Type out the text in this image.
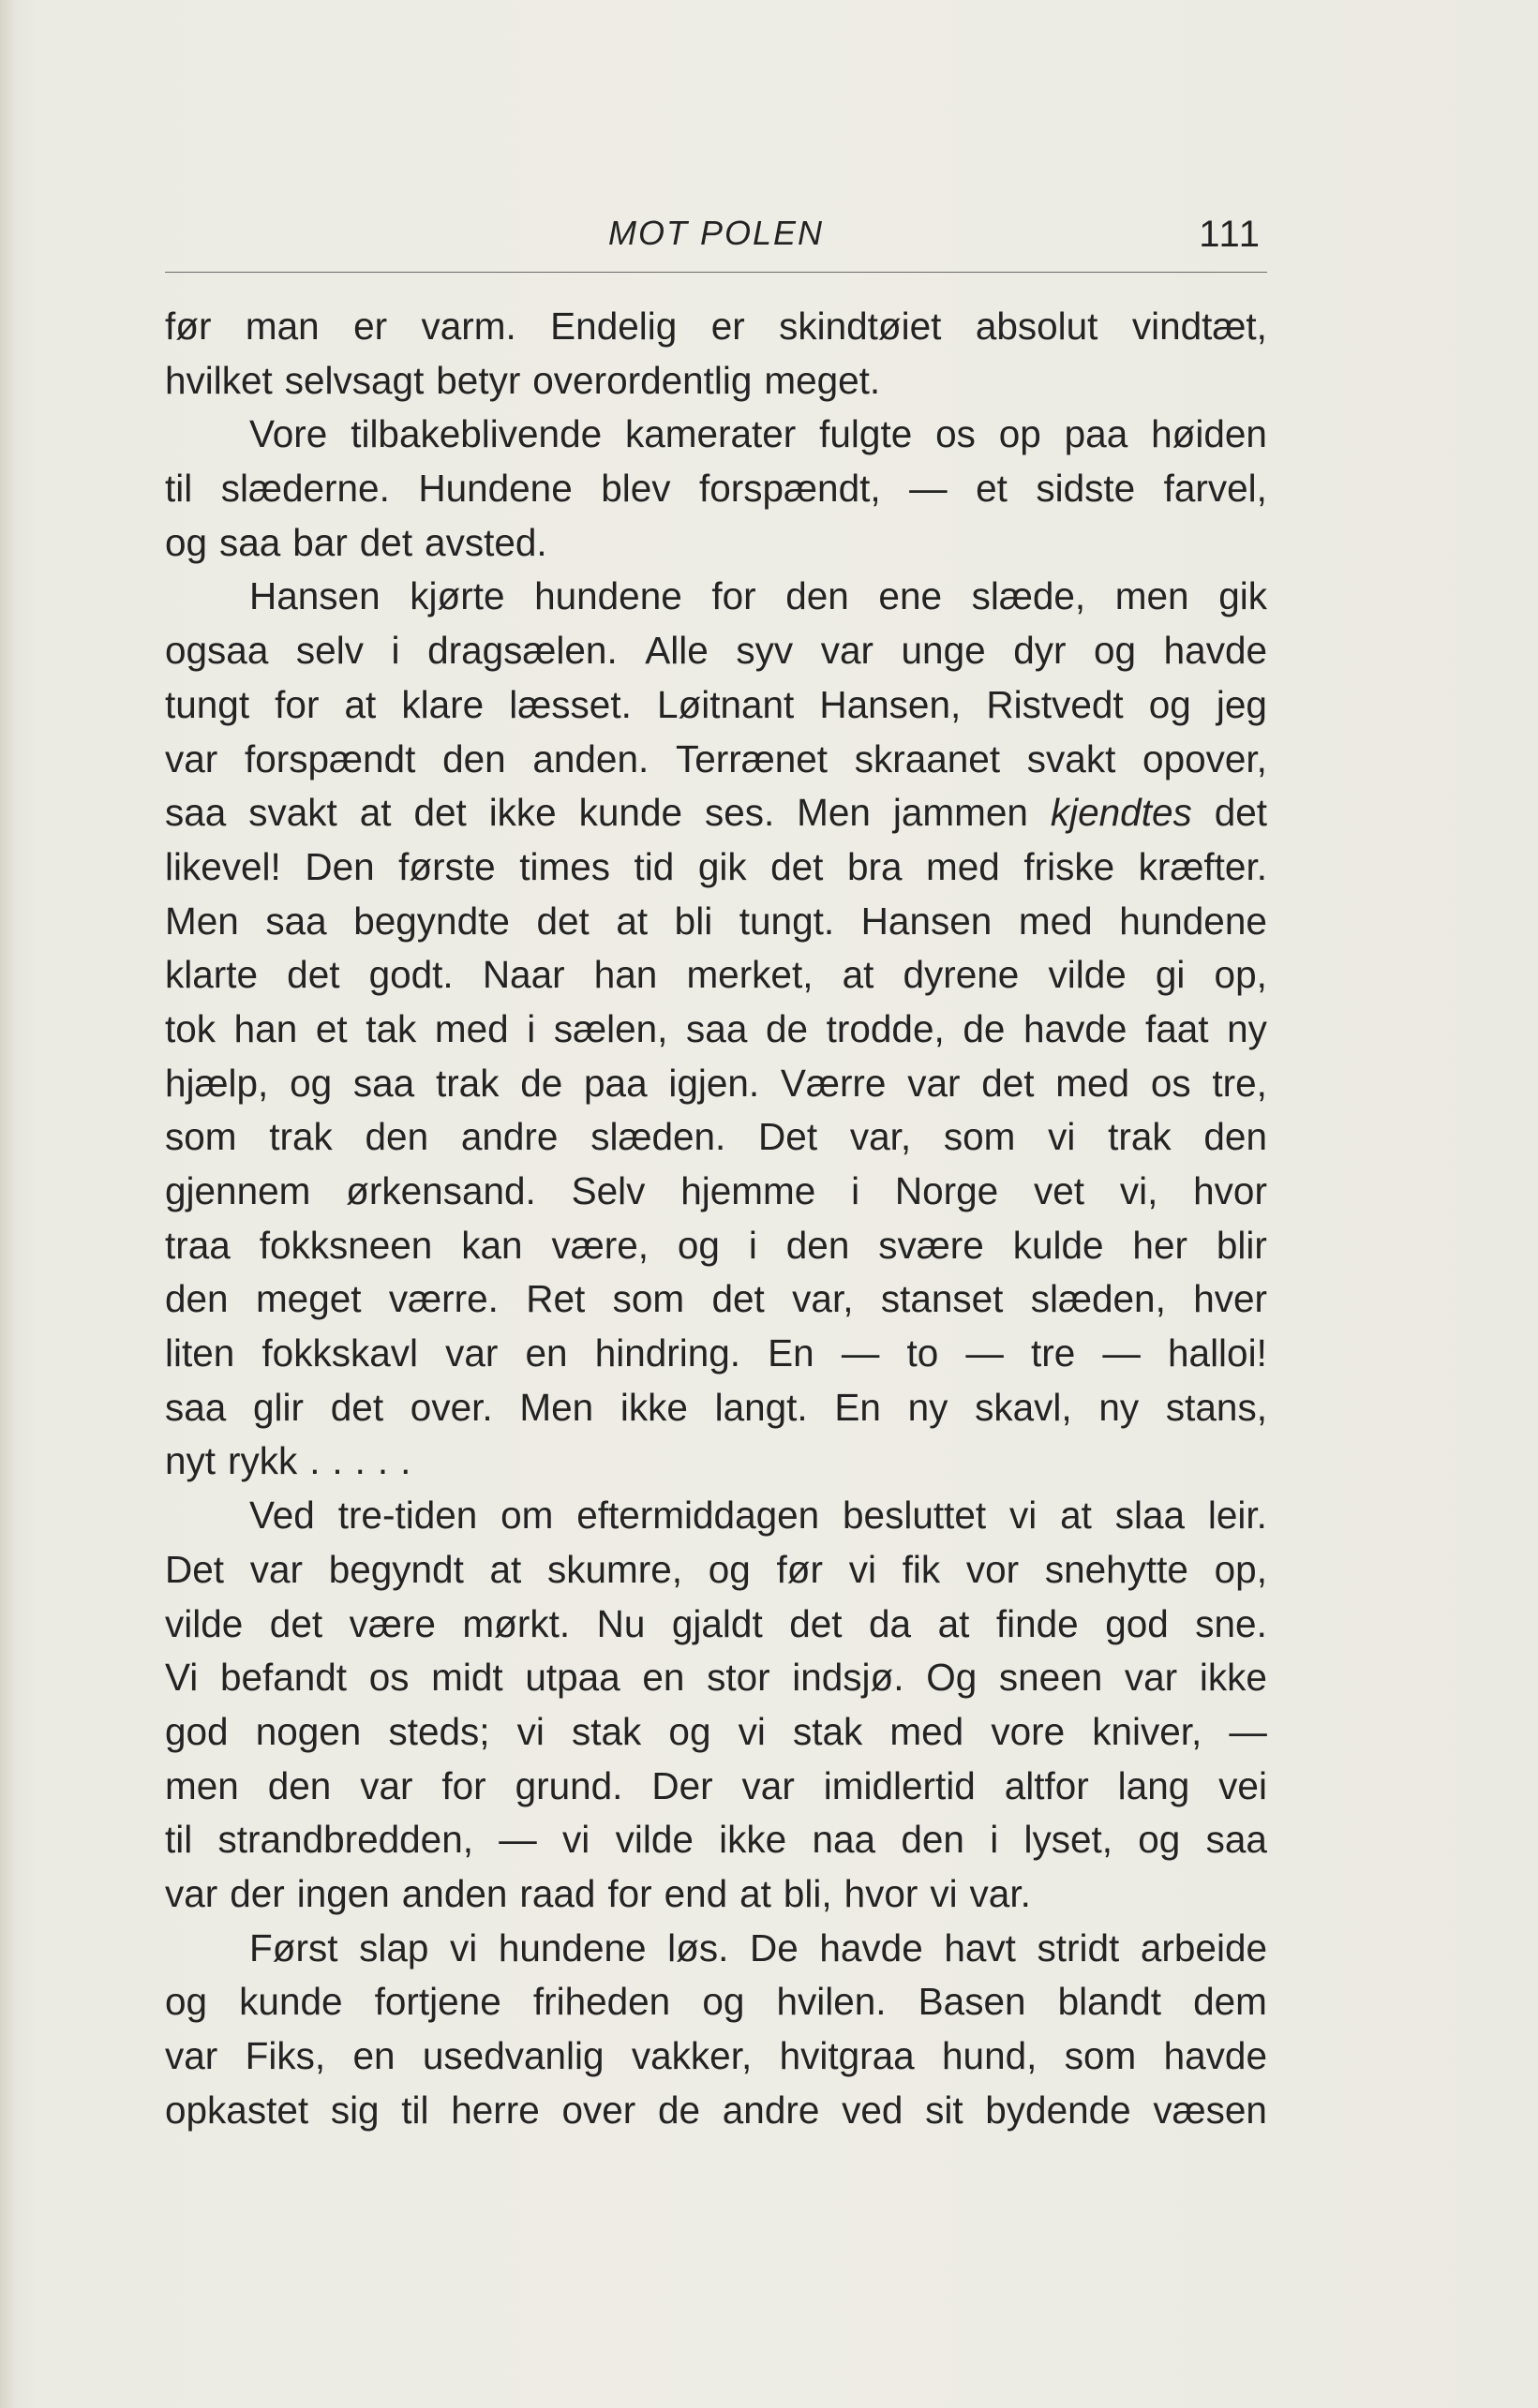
MOT POLEN	111
før man er varm. Endelig er skindtøiet absolut vindtæt,
hvilket selvsagt betyr overordentlig meget.
Vore tilbakeblivende kamerater fulgte os op paa høiden
til slæderne. Hundene blev forspændt, — et sidste farvel,
og saa bar det avsted.
Hansen kjørte hundene for den ene slæde, men gik
ogsaa selv i dragsælen. Alle syv var unge dyr og havde
tungt for at klare læsset. Løitnant Hansen, Ristvedt og jeg
var forspændt den anden. Terrænet skraanet svakt opover,
saa svakt at det ikke kunde ses. Men jammen kjendtes det
likevel! Den første times tid gik det bra med friske kræfter.
Men saa begyndte det at bli tungt. Hansen med hundene
klarte det godt. Naar han merket, at dyrene vilde gi op,
tok han et tak med i sælen, saa de trodde, de havde faat ny
hjælp, og saa trak de paa igjen. Værre var det med os tre,
som trak den andre slæden. Det var, som vi trak den
gjennem ørkensand. Selv hjemme i Norge vet vi, hvor
traa fokksneen kan være, og i den svære kulde her blir
den meget værre. Ret som det var, stanset slæden, hver
liten fokkskavl var en hindring. En — to — tre — halloi!
saa glir det over. Men ikke langt. En ny skavl, ny stans,
nyt rykk . . . . .
Ved tre-tiden om eftermiddagen besluttet vi at slaa leir.
Det var begyndt at skumre, og før vi fik vor snehytte op,
vilde det være mørkt. Nu gjaldt det da at finde god sne.
Vi befandt os midt utpaa en stor indsjø. Og sneen var ikke
god nogen steds; vi stak og vi stak med vore kniver, —
men den var for grund. Der var imidlertid altfor lang vei
til strandbredden, — vi vilde ikke naa den i lyset, og saa
var der ingen anden raad for end at bli, hvor vi var.
Først slap vi hundene løs. De havde havt stridt arbeide
og kunde fortjene friheden og hvilen. Basen blandt dem
var Fiks, en usedvanlig vakker, hvitgraa hund, som havde
opkastet sig til herre over de andre ved sit bydende væsen
